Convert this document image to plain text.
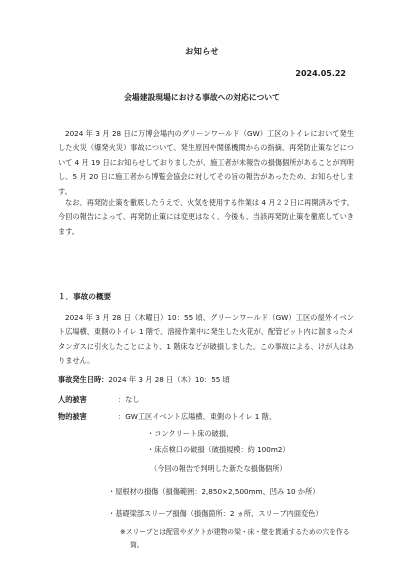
お知らせ
2024.05.22
会場建設現場における事故への対応について

2024 年 3 月 28 日に万博会場内のグリーンワールド（GW）工区のトイレにおいて発生した火災（爆発火災）事故について、発生原因や関係機関からの指摘、再発防止策などについて 4 月 19 日にお知らせしておりましたが、施工者が未報告の損傷個所があることが判明し、5 月 20 日に施工者から博覧会協会に対してその旨の報告があったため、お知らせします。

なお、再発防止策を徹底したうえで、火気を使用する作業は 4 月２２日に再開済みです。今回の報告によって、再発防止策には変更はなく、今後も、当該再発防止策を徹底していきます。

１．事故の概要

2024 年 3 月 28 日（木曜日）10：55 頃、グリーンワールド（GW）工区の屋外イベント広場横、東側のトイレ 1 階で、溶接作業中に発生した火花が、配管ピット内に溜まったメタンガスに引火したことにより、1 階床などが破損しました。この事故による、けが人はありません。

事故発生日時：2024 年 3 月 28 日（木）10：55 頃
人的被害	：なし
物的被害	：GW工区イベント広場横、東側のトイレ 1 階、
・コンクリート床の破損、
・床点検口の破損（破損規模：約 100m2）
（今回の報告で判明した新たな損傷個所）
・屋根材の損傷（損傷範囲：2,850×2,500mm、凹み 10 か所）
・基礎梁部スリーブ損傷（損傷箇所：2 ヵ所、スリーブ内面変色）

※スリーブとは配管やダクトが建物の梁・床・壁を貫通するための穴を作る筒。
